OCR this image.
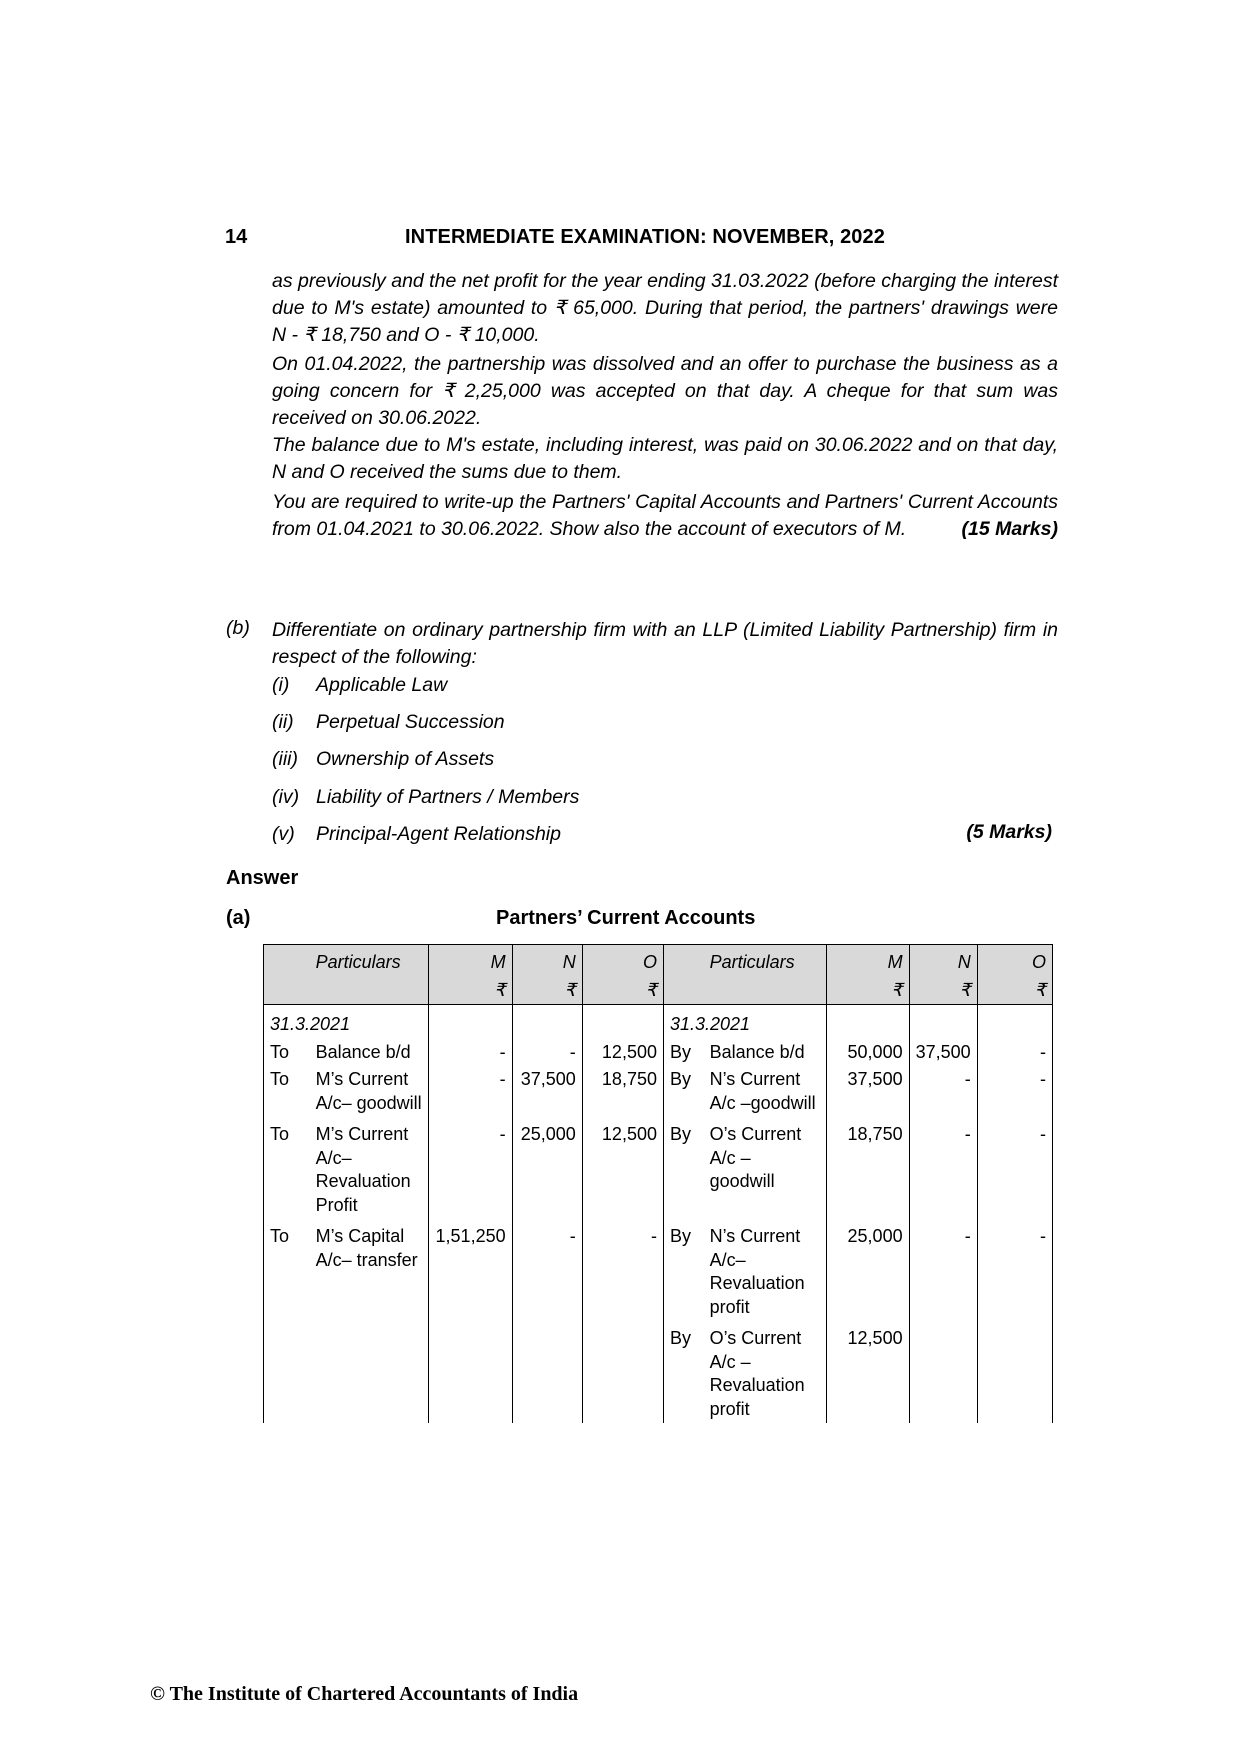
14	INTERMEDIATE EXAMINATION: NOVEMBER, 2022
as previously and the net profit for the year ending 31.03.2022 (before charging the interest due to M's estate) amounted to ₹ 65,000. During that period, the partners' drawings were N - ₹ 18,750 and O - ₹ 10,000.
On 01.04.2022, the partnership was dissolved and an offer to purchase the business as a going concern for ₹ 2,25,000 was accepted on that day. A cheque for that sum was received on 30.06.2022.
The balance due to M's estate, including interest, was paid on 30.06.2022 and on that day, N and O received the sums due to them.
You are required to write-up the Partners' Capital Accounts and Partners' Current Accounts
from 01.04.2021 to 30.06.2022. Show also the account of executors of M.	(15 Marks)
(b) Differentiate on ordinary partnership firm with an LLP (Limited Liability Partnership) firm in respect of the following:
(i) Applicable Law
(ii) Perpetual Succession
(iii) Ownership of Assets
(iv) Liability of Partners / Members
(v) Principal-Agent Relationship	(5 Marks)
Answer
(a)	Partners’ Current Accounts
	Particulars	M	N	O		Particulars	M	N	O
		₹	₹	₹			₹	₹	₹
31.3.2021					31.3.2021				
To	Balance b/d	-	-	12,500	By	Balance b/d	50,000	37,500	-
To	M’s Current A/c– goodwill	-	37,500	18,750	By	N’s Current A/c –goodwill	37,500	-	-
To	M’s Current A/c– Revaluation Profit	-	25,000	12,500	By	O’s Current A/c – goodwill	18,750	-	-
To	M’s Capital A/c– transfer	1,51,250	-	-	By	N’s Current A/c– Revaluation profit	25,000	-	-
					By	O’s Current A/c – Revaluation profit	12,500		
© The Institute of Chartered Accountants of India
